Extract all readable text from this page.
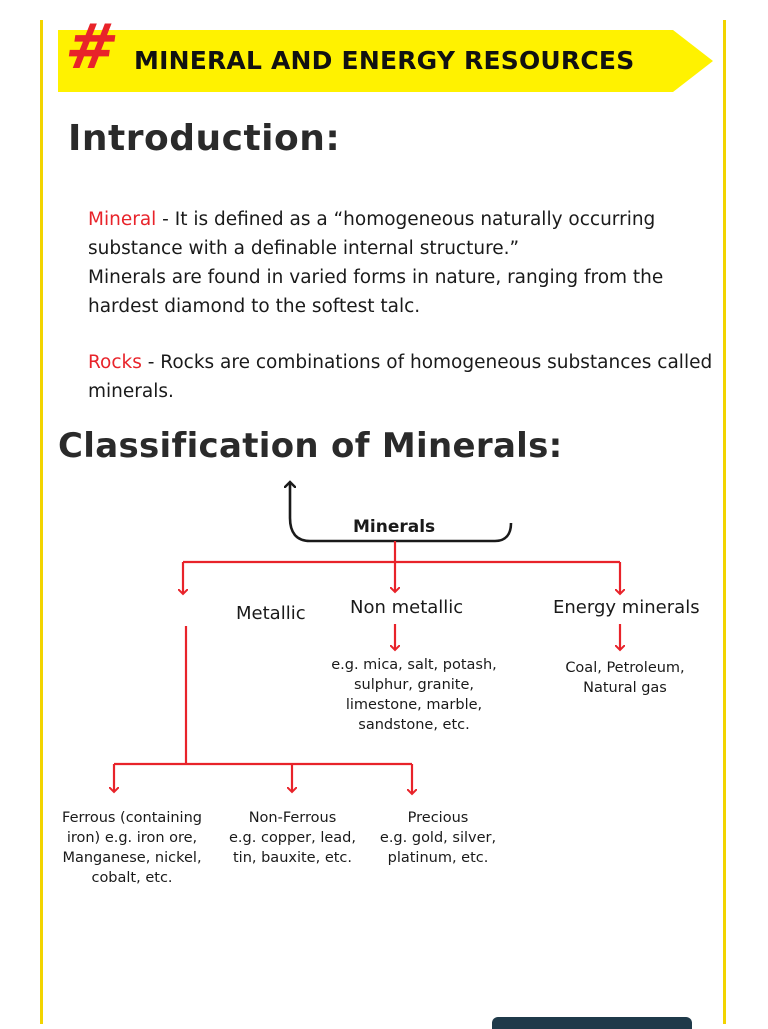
# MINERAL AND ENERGY RESOURCES
Introduction:
Mineral - It is defined as a “homogeneous naturally occurring substance with a definable internal structure.”
Minerals are found in varied forms in nature, ranging from the hardest diamond to the softest talc.
Rocks - Rocks are combinations of homogeneous substances called minerals.
Classification of Minerals:
Minerals
Metallic Non metallic	Energy minerals
e.g. mica, salt, potash,
sulphur, granite,
limestone, marble,
sandstone, etc.
Coal, Petroleum,
Natural gas
Ferrous (containing
iron) e.g. iron ore,
Manganese, nickel,
cobalt, etc.
Non-Ferrous
e.g. copper, lead,
tin, bauxite, etc.
Precious
e.g. gold, silver,
platinum, etc.
